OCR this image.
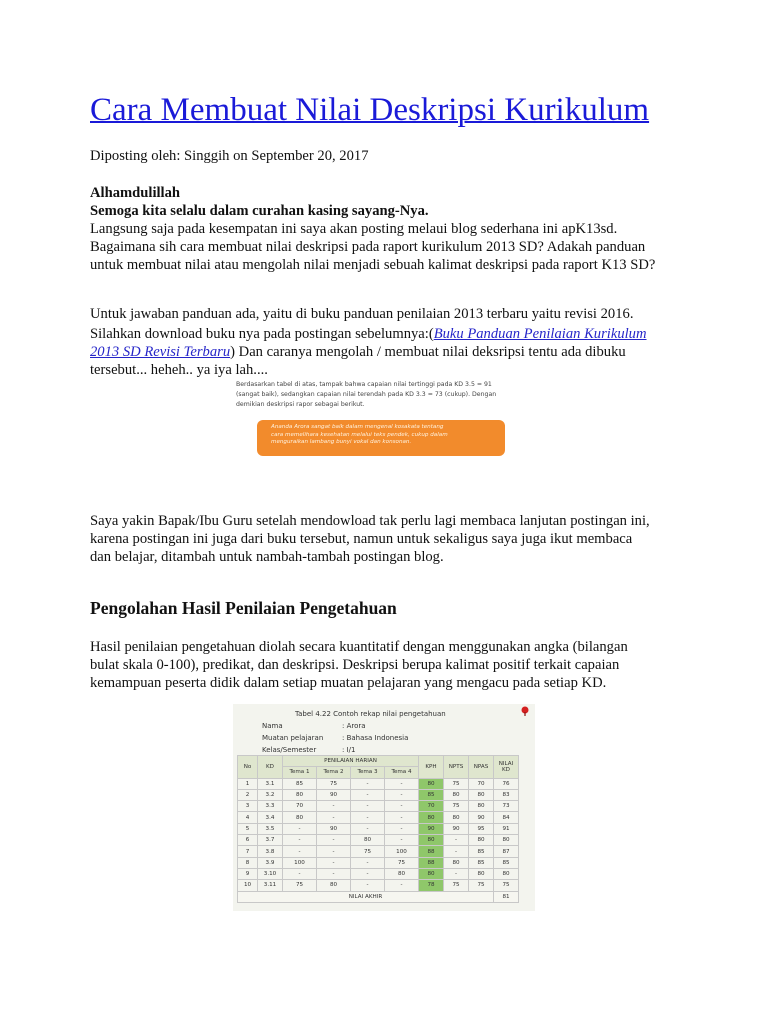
Cara Membuat Nilai Deskripsi Kurikulum
Diposting oleh: Singgih on September 20, 2017
Alhamdulillah
Semoga kita selalu dalam curahan kasing sayang-Nya.
Langsung saja pada kesempatan ini saya akan posting melaui blog sederhana ini apK13sd.
Bagaimana sih cara membuat nilai deskripsi pada raport kurikulum 2013 SD? Adakah panduan
untuk membuat nilai atau mengolah nilai menjadi sebuah kalimat deskripsi pada raport K13 SD?
Untuk jawaban panduan ada, yaitu di buku panduan penilaian 2013 terbaru yaitu revisi 2016.
Silahkan download buku nya pada postingan sebelumnya:(Buku Panduan Penilaian Kurikulum
2013 SD Revisi Terbaru) Dan caranya mengolah / membuat nilai deksripsi tentu ada dibuku
tersebut... heheh.. ya iya lah....
Berdasarkan tabel di atas, tampak bahwa capaian nilai tertinggi pada KD 3.5 = 91
(sangat baik), sedangkan capaian nilai terendah pada KD 3.3 = 73 (cukup). Dengan
demikian deskripsi rapor sebagai berikut.
Ananda Arora sangat baik dalam mengenal kosakata tentang
cara memelihara kesehatan melalui teks pendek, cukup dalam
menguraikan lambang bunyi vokal dan konsonan.
Saya yakin Bapak/Ibu Guru setelah mendowload tak perlu lagi membaca lanjutan postingan ini,
karena postingan ini juga dari buku tersebut, namun untuk sekaligus saya juga ikut membaca
dan belajar, ditambah untuk nambah-tambah postingan blog.
Pengolahan Hasil Penilaian Pengetahuan
Hasil penilaian pengetahuan diolah secara kuantitatif dengan menggunakan angka (bilangan
bulat skala 0-100), predikat, dan deskripsi. Deskripsi berupa kalimat positif terkait capaian
kemampuan peserta didik dalam setiap muatan pelajaran yang mengacu pada setiap KD.
Tabel 4.22 Contoh rekap nilai pengetahuan
Nama	: Arora
Muatan pelajaran	: Bahasa Indonesia
Kelas/Semester	: I/1
No	KD	PENILAIAN HARIAN				KPH	NPTS	NPAS	NILAI KD
		Tema 1	Tema 2	Tema 3	Tema 4				
1	3.1	85	75	-	-	80	75	70	76
2	3.2	80	90	-	-	85	80	80	83
3	3.3	70	-	-	-	70	75	80	73
4	3.4	80	-	-	-	80	80	90	84
5	3.5	-	90	-	-	90	90	95	91
6	3.7	-	-	80	-	80	-	80	80
7	3.8	-	-	75	100	88	-	85	87
8	3.9	100	-	-	75	88	80	85	85
9	3.10	-	-	-	80	80	-	80	80
10	3.11	75	80	-	-	78	75	75	75
NILAI AKHIR									81
